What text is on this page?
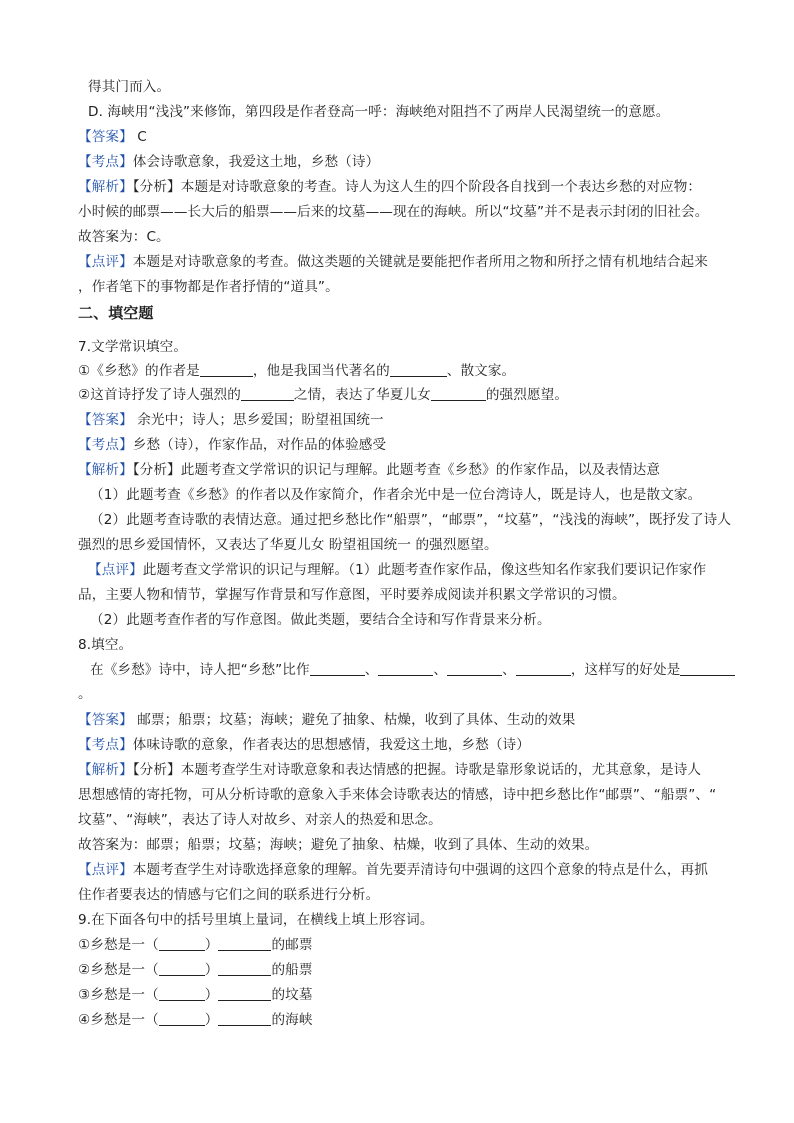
得其门而入。
D. 海峡用“浅浅”来修饰，第四段是作者登高一呼：海峡绝对阻挡不了两岸人民渴望统一的意愿。
【答案】 C
【考点】体会诗歌意象，我爱这土地，乡愁（诗）
【解析】【分析】本题是对诗歌意象的考查。诗人为这人生的四个阶段各自找到一个表达乡愁的对应物：
小时候的邮票——长大后的船票——后来的坟墓——现在的海峡。所以“坟墓”并不是表示封闭的旧社会。
故答案为：C。
【点评】本题是对诗歌意象的考查。做这类题的关键就是要能把作者所用之物和所抒之情有机地结合起来
，作者笔下的事物都是作者抒情的“道具”。
二、填空题
7.文学常识填空。
①《乡愁》的作者是	，他是我国当代著名的	、散文家。
②这首诗抒发了诗人强烈的	之情，表达了华夏儿女	的强烈愿望。
【答案】 余光中；诗人；思乡爱国；盼望祖国统一
【考点】乡愁（诗），作家作品，对作品的体验感受
【解析】【分析】此题考查文学常识的识记与理解。此题考查《乡愁》的作家作品，以及表情达意
（1）此题考查《乡愁》的作者以及作家简介，作者余光中是一位台湾诗人，既是诗人，也是散文家。
（2）此题考查诗歌的表情达意。通过把乡愁比作“船票”，“邮票”，“坟墓”，“浅浅的海峡”，既抒发了诗人
强烈的思乡爱国情怀，又表达了华夏儿女 盼望祖国统一 的强烈愿望。
【点评】此题考查文学常识的识记与理解。（1）此题考查作家作品，像这些知名作家我们要识记作家作
品，主要人物和情节，掌握写作背景和写作意图，平时要养成阅读并积累文学常识的习惯。
（2）此题考查作者的写作意图。做此类题，要结合全诗和写作背景来分析。
8.填空。
在《乡愁》诗中，诗人把“乡愁”比作	、	、	、	，这样写的好处是
。
【答案】 邮票；船票；坟墓；海峡；避免了抽象、枯燥，收到了具体、生动的效果
【考点】体味诗歌的意象，作者表达的思想感情，我爱这土地，乡愁（诗）
【解析】【分析】本题考查学生对诗歌意象和表达情感的把握。诗歌是靠形象说话的，尤其意象，是诗人
思想感情的寄托物，可从分析诗歌的意象入手来体会诗歌表达的情感，诗中把乡愁比作“邮票”、“船票”、“
坟墓”、“海峡”，表达了诗人对故乡、对亲人的热爱和思念。
故答案为：邮票；船票；坟墓；海峡；避免了抽象、枯燥，收到了具体、生动的效果。
【点评】本题考查学生对诗歌选择意象的理解。首先要弄清诗句中强调的这四个意象的特点是什么，再抓
住作者要表达的情感与它们之间的联系进行分析。
9.在下面各句中的括号里填上量词，在横线上填上形容词。
①乡愁是一（	）	的邮票
②乡愁是一（	）	的船票
③乡愁是一（	）	的坟墓
④乡愁是一（	）	的海峡
